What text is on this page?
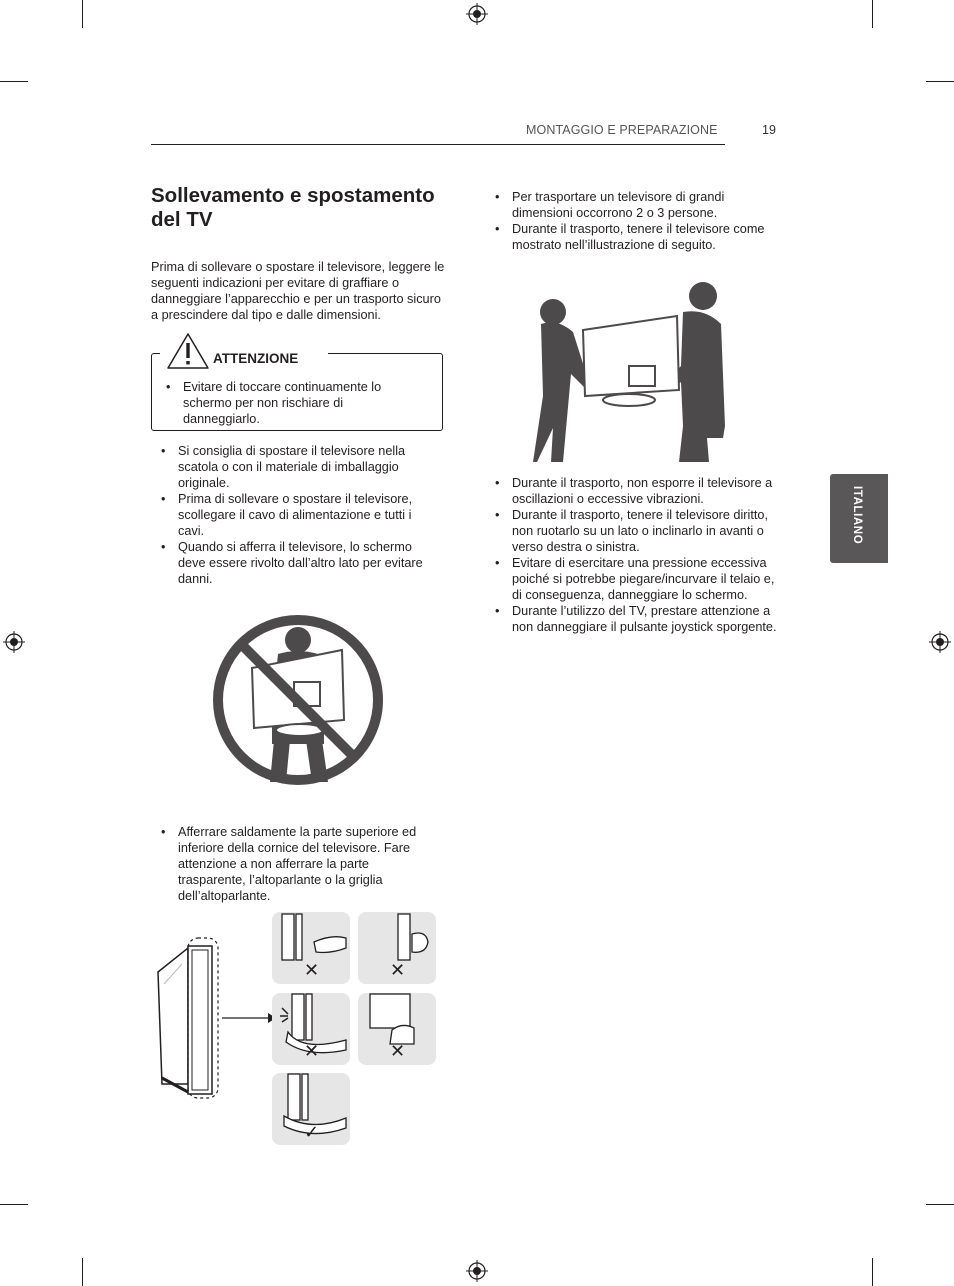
MONTAGGIO E PREPARAZIONE	19
ITALIANO
Sollevamento e spostamento del TV
Prima di sollevare o spostare il televisore, leggere le seguenti indicazioni per evitare di graffiare o danneggiare l’apparecchio e per un trasporto sicuro a prescindere dal tipo e dalle dimensioni.
ATTENZIONE
• Evitare di toccare continuamente lo schermo per non rischiare di danneggiarlo.
• Si consiglia di spostare il televisore nella scatola o con il materiale di imballaggio originale.
• Prima di sollevare o spostare il televisore, scollegare il cavo di alimentazione e tutti i cavi.
• Quando si afferra il televisore, lo schermo deve essere rivolto dall’altro lato per evitare danni.
• Afferrare saldamente la parte superiore ed inferiore della cornice del televisore. Fare attenzione a non afferrare la parte trasparente, l’altoparlante o la griglia dell’altoparlante.
✕	✕
✕	✕
✓
• Per trasportare un televisore di grandi dimensioni occorrono 2 o 3 persone.
• Durante il trasporto, tenere il televisore come mostrato nell’illustrazione di seguito.
• Durante il trasporto, non esporre il televisore a oscillazioni o eccessive vibrazioni.
• Durante il trasporto, tenere il televisore diritto, non ruotarlo su un lato o inclinarlo in avanti o verso destra o sinistra.
• Evitare di esercitare una pressione eccessiva poiché si potrebbe piegare/incurvare il telaio e, di conseguenza, danneggiare lo schermo.
• Durante l’utilizzo del TV, prestare attenzione a non danneggiare il pulsante joystick sporgente.
